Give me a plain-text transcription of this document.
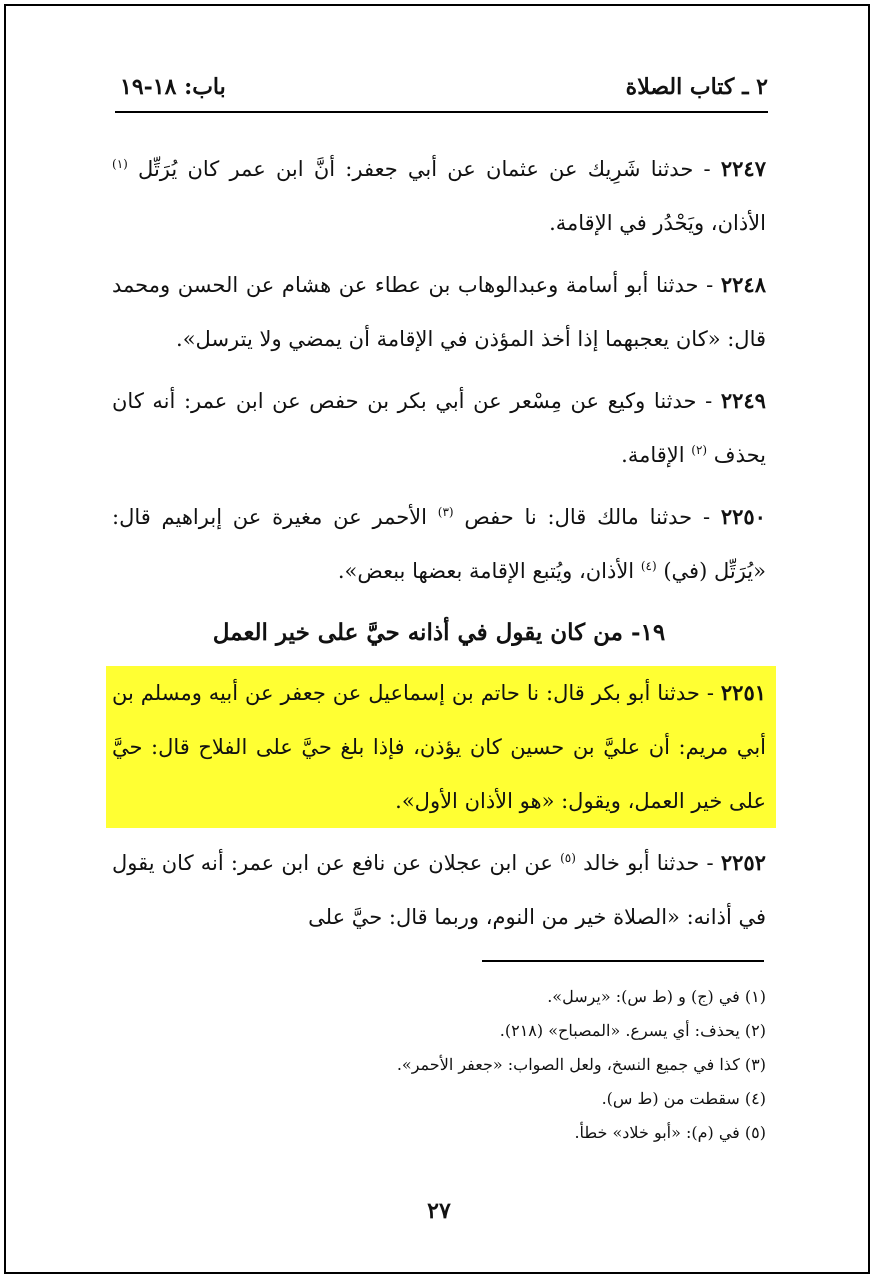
٢ ـ كتاب الصلاة
باب: ١٨-١٩

٢٢٤٧ - حدثنا شَرِيك عن عثمان عن أبي جعفر: أنَّ ابن عمر كان يُرَتِّل $^{(١)}$ الأذان، ويَحْدُر في الإقامة.

٢٢٤٨ - حدثنا أبو أسامة وعبدالوهاب بن عطاء عن هشام عن الحسن ومحمد قال: «كان يعجبهما إذا أخذ المؤذن في الإقامة أن يمضي ولا يترسل».

٢٢٤٩ - حدثنا وكيع عن مِسْعر عن أبي بكر بن حفص عن ابن عمر: أنه كان يحذف $^{(٢)}$ الإقامة.

٢٢٥٠ - حدثنا مالك قال: نا حفص $^{(٣)}$ الأحمر عن مغيرة عن إبراهيم قال: «يُرَتِّل (في) $^{(٤)}$ الأذان، ويُتبع الإقامة بعضها ببعض».

١٩- من كان يقول في أذانه حيَّ على خير العمل

٢٢٥١ - حدثنا أبو بكر قال: نا حاتم بن إسماعيل عن جعفر عن أبيه ومسلم بن أبي مريم: أن عليَّ بن حسين كان يؤذن، فإذا بلغ حيَّ على الفلاح قال: حيَّ على خير العمل، ويقول: «هو الأذان الأول».

٢٢٥٢ - حدثنا أبو خالد $^{(٥)}$ عن ابن عجلان عن نافع عن ابن عمر: أنه كان يقول في أذانه: «الصلاة خير من النوم، وربما قال: حيَّ على

(١) في (ج) و (ط س): «يرسل».

(٢) يحذف: أي يسرع. «المصباح» (٢١٨).

(٣) كذا في جميع النسخ، ولعل الصواب: «جعفر الأحمر».

(٤) سقطت من (ط س).

(٥) في (م): «أبو خلاد» خطأ.

٢٧
